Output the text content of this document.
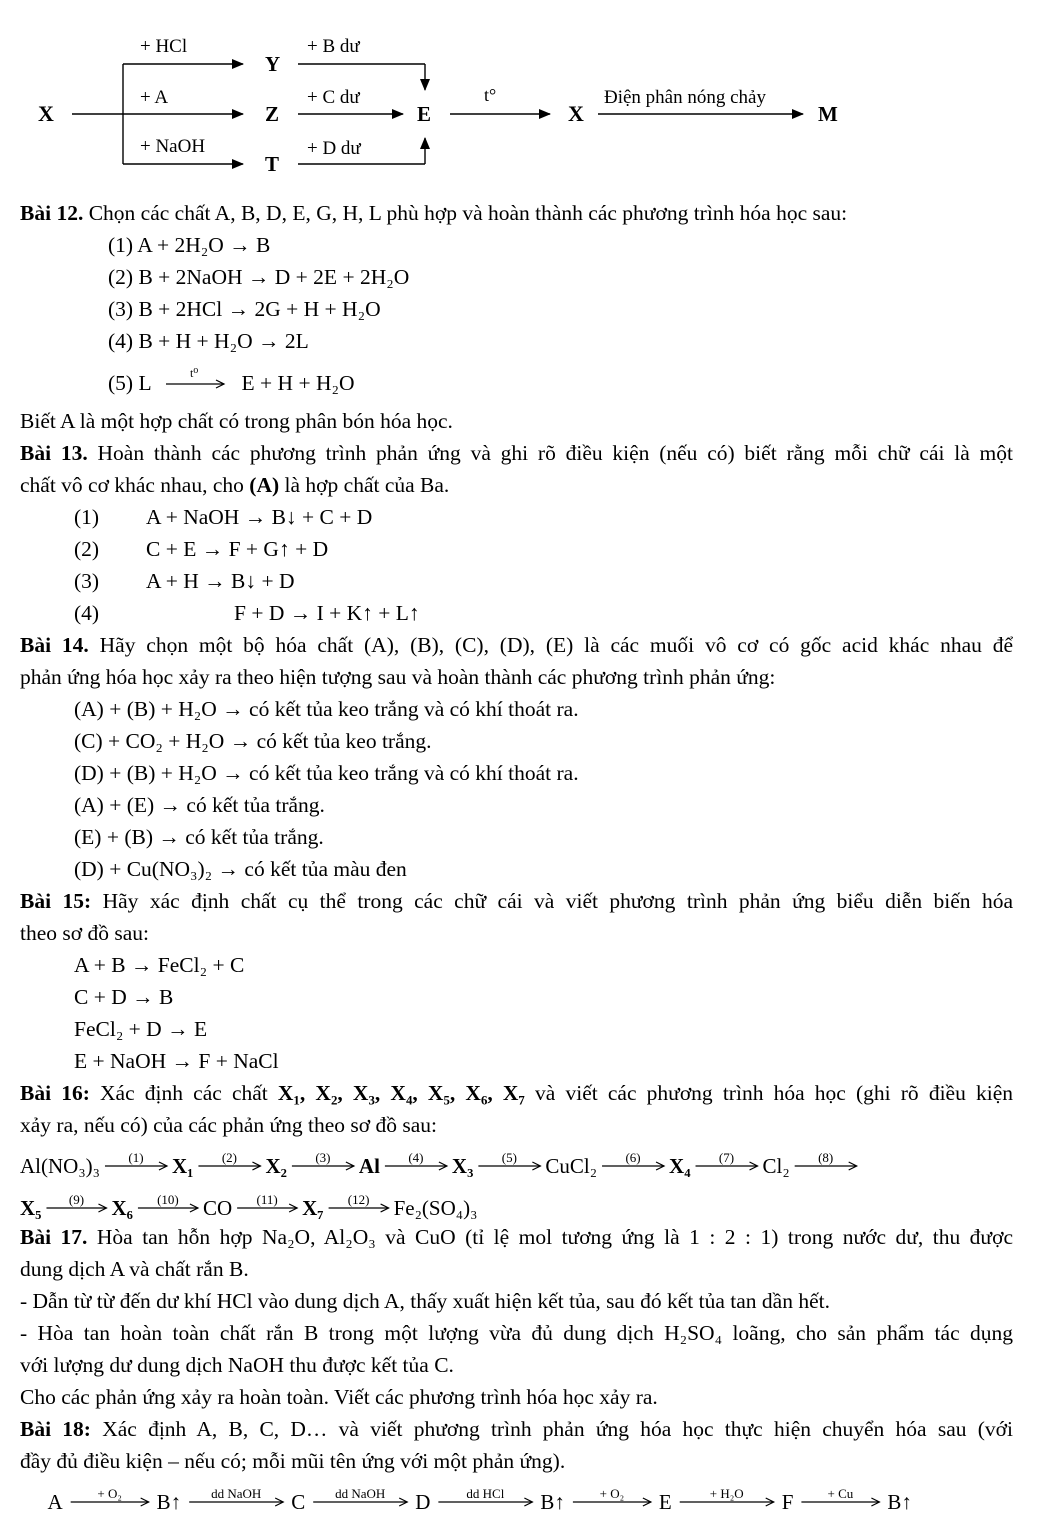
X
+ HCl
+ A
+ NaOH
Y
Z
T
+ B dư
+ C dư
+ D dư
E
t°
X
Điện phân nóng chảy
M
Bài 12. Chọn các chất A, B, D, E, G, H, L phù hợp và hoàn thành các phương trình hóa học sau:
(1) A + 2H₂O → B
(2) B + 2NaOH → D + 2E + 2H₂O
(3) B + 2HCl → 2G + H + H₂O
(4) B + H + H₂O → 2L
(5) L	t⁰ E + H + H₂O
Biết A là một hợp chất có trong phân bón hóa học.
Bài 13. Hoàn thành các phương trình phản ứng và ghi rõ điều kiện (nếu có) biết rằng mỗi chữ cái là một
chất vô cơ khác nhau, cho (A) là hợp chất của Ba.
(1) A + NaOH → B↓ + C + D
(2) C + E → F + G↑ + D
(3) A + H → B↓ + D
(4)	F + D → I + K↑ + L↑
Bài 14. Hãy chọn một bộ hóa chất (A), (B), (C), (D), (E) là các muối vô cơ có gốc acid khác nhau để
phản ứng hóa học xảy ra theo hiện tượng sau và hoàn thành các phương trình phản ứng:
(A) + (B) + H₂O → có kết tủa keo trắng và có khí thoát ra.
(C) + CO₂ + H₂O → có kết tủa keo trắng.
(D) + (B) + H₂O → có kết tủa keo trắng và có khí thoát ra.
(A) + (E) → có kết tủa trắng.
(E) + (B) → có kết tủa trắng.
(D) + Cu(NO₃)₂ → có kết tủa màu đen
Bài 15: Hãy xác định chất cụ thể trong các chữ cái và viết phương trình phản ứng biểu diễn biến hóa
theo sơ đồ sau:
A + B → FeCl₂ + C
C + D → B
FeCl₂ + D → E
E + NaOH → F + NaCl
Bài 16: Xác định các chất X₁, X₂, X₃, X₄, X₅, X₆, X₇ và viết các phương trình hóa học (ghi rõ điều kiện
xảy ra, nếu có) của các phản ứng theo sơ đồ sau:
Al(NO₃)₃ (1) X₁ (2) X₂ (3) Al (4) X₃ (5) CuCl₂ (6) X₄ (7) Cl₂ (8)
X₅ (9) X₆ (10) CO (11) X₇ (12) Fe₂(SO₄)₃
Bài 17. Hòa tan hỗn hợp Na₂O, Al₂O₃ và CuO (tỉ lệ mol tương ứng là 1 : 2 : 1) trong nước dư, thu được
dung dịch A và chất rắn B.
- Dẫn từ từ đến dư khí HCl vào dung dịch A, thấy xuất hiện kết tủa, sau đó kết tủa tan dần hết.
- Hòa tan hoàn toàn chất rắn B trong một lượng vừa đủ dung dịch H₂SO₄ loãng, cho sản phẩm tác dụng
với lượng dư dung dịch NaOH thu được kết tủa C.
Cho các phản ứng xảy ra hoàn toàn. Viết các phương trình hóa học xảy ra.
Bài 18: Xác định A, B, C, D… và viết phương trình phản ứng hóa học thực hiện chuyển hóa sau (với
đầy đủ điều kiện – nếu có; mỗi mũi tên ứng với một phản ứng).
A	+ O₂ B↑ dd NaOH C dd NaOH D	dd HCl B↑	+ O₂ E	+ H₂O F	+ Cu B↑
